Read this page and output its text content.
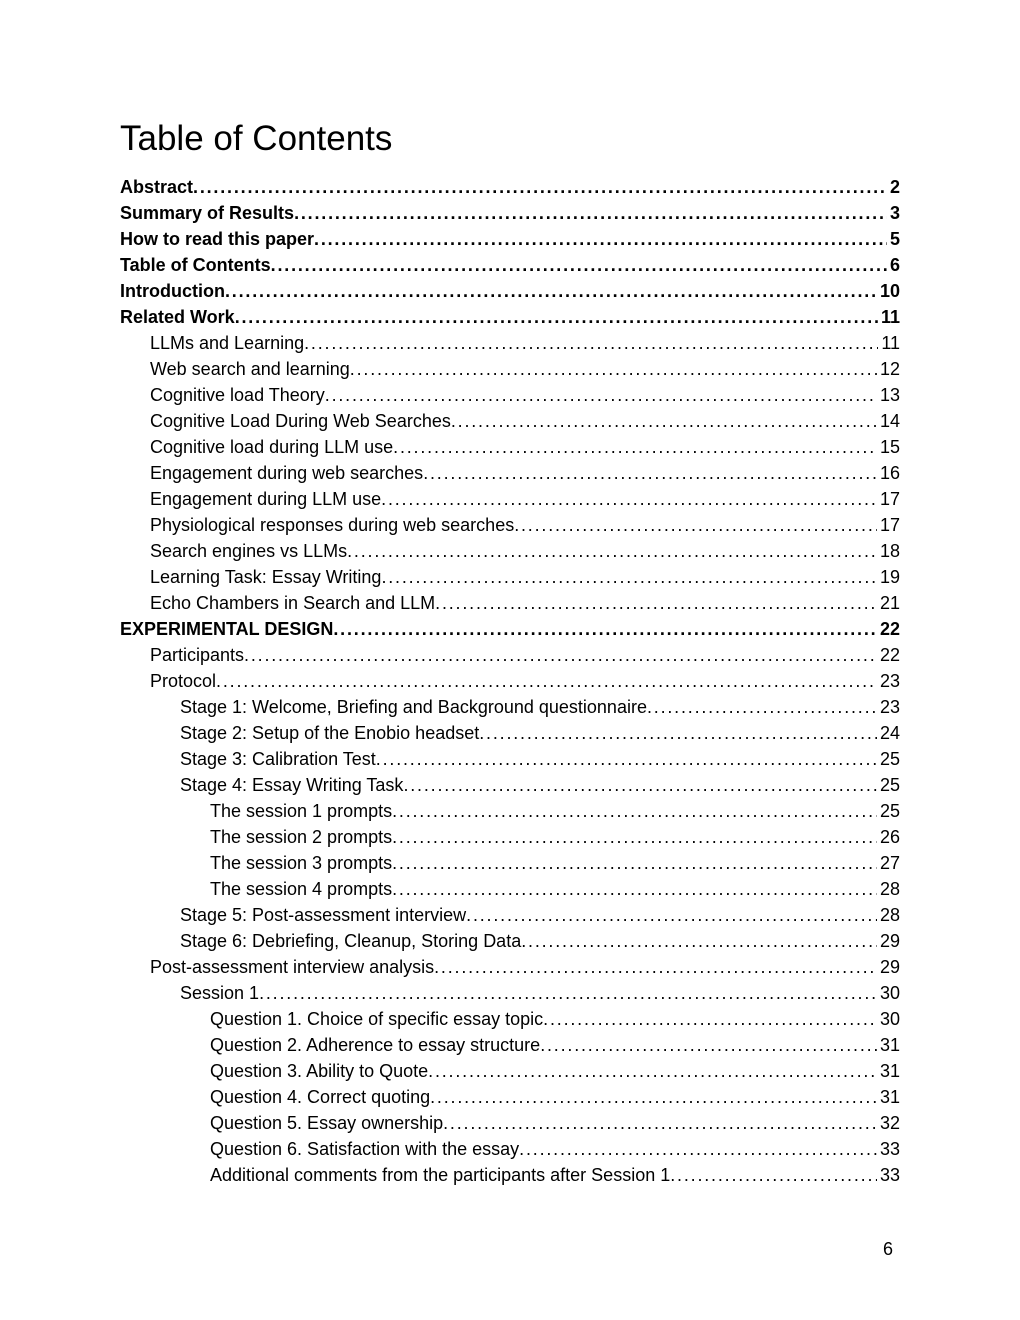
Table of Contents
Abstract .....	2
Summary of Results .....	3
How to read this paper .....	5
Table of Contents .....	6
Introduction .....	10
Related Work .....	11
LLMs and Learning .....	11
Web search and learning .....	12
Cognitive load Theory .....	13
Cognitive Load During Web Searches .....	14
Cognitive load during LLM use .....	15
Engagement during web searches .....	16
Engagement during LLM use .....	17
Physiological responses during web searches .....	17
Search engines vs LLMs .....	18
Learning Task: Essay Writing .....	19
Echo Chambers in Search and LLM .....	21
EXPERIMENTAL DESIGN .....	22
Participants .....	22
Protocol .....	23
Stage 1: Welcome, Briefing and Background questionnaire .....	23
Stage 2: Setup of the Enobio headset .....	24
Stage 3: Calibration Test .....	25
Stage 4: Essay Writing Task .....	25
The session 1 prompts .....	25
The session 2 prompts .....	26
The session 3 prompts .....	27
The session 4 prompts .....	28
Stage 5: Post-assessment interview .....	28
Stage 6: Debriefing, Cleanup, Storing Data .....	29
Post-assessment interview analysis .....	29
Session 1 .....	30
Question 1. Choice of specific essay topic .....	30
Question 2. Adherence to essay structure .....	31
Question 3. Ability to Quote .....	31
Question 4. Correct quoting .....	31
Question 5. Essay ownership .....	32
Question 6. Satisfaction with the essay .....	33
Additional comments from the participants after Session 1 .....	33
6
